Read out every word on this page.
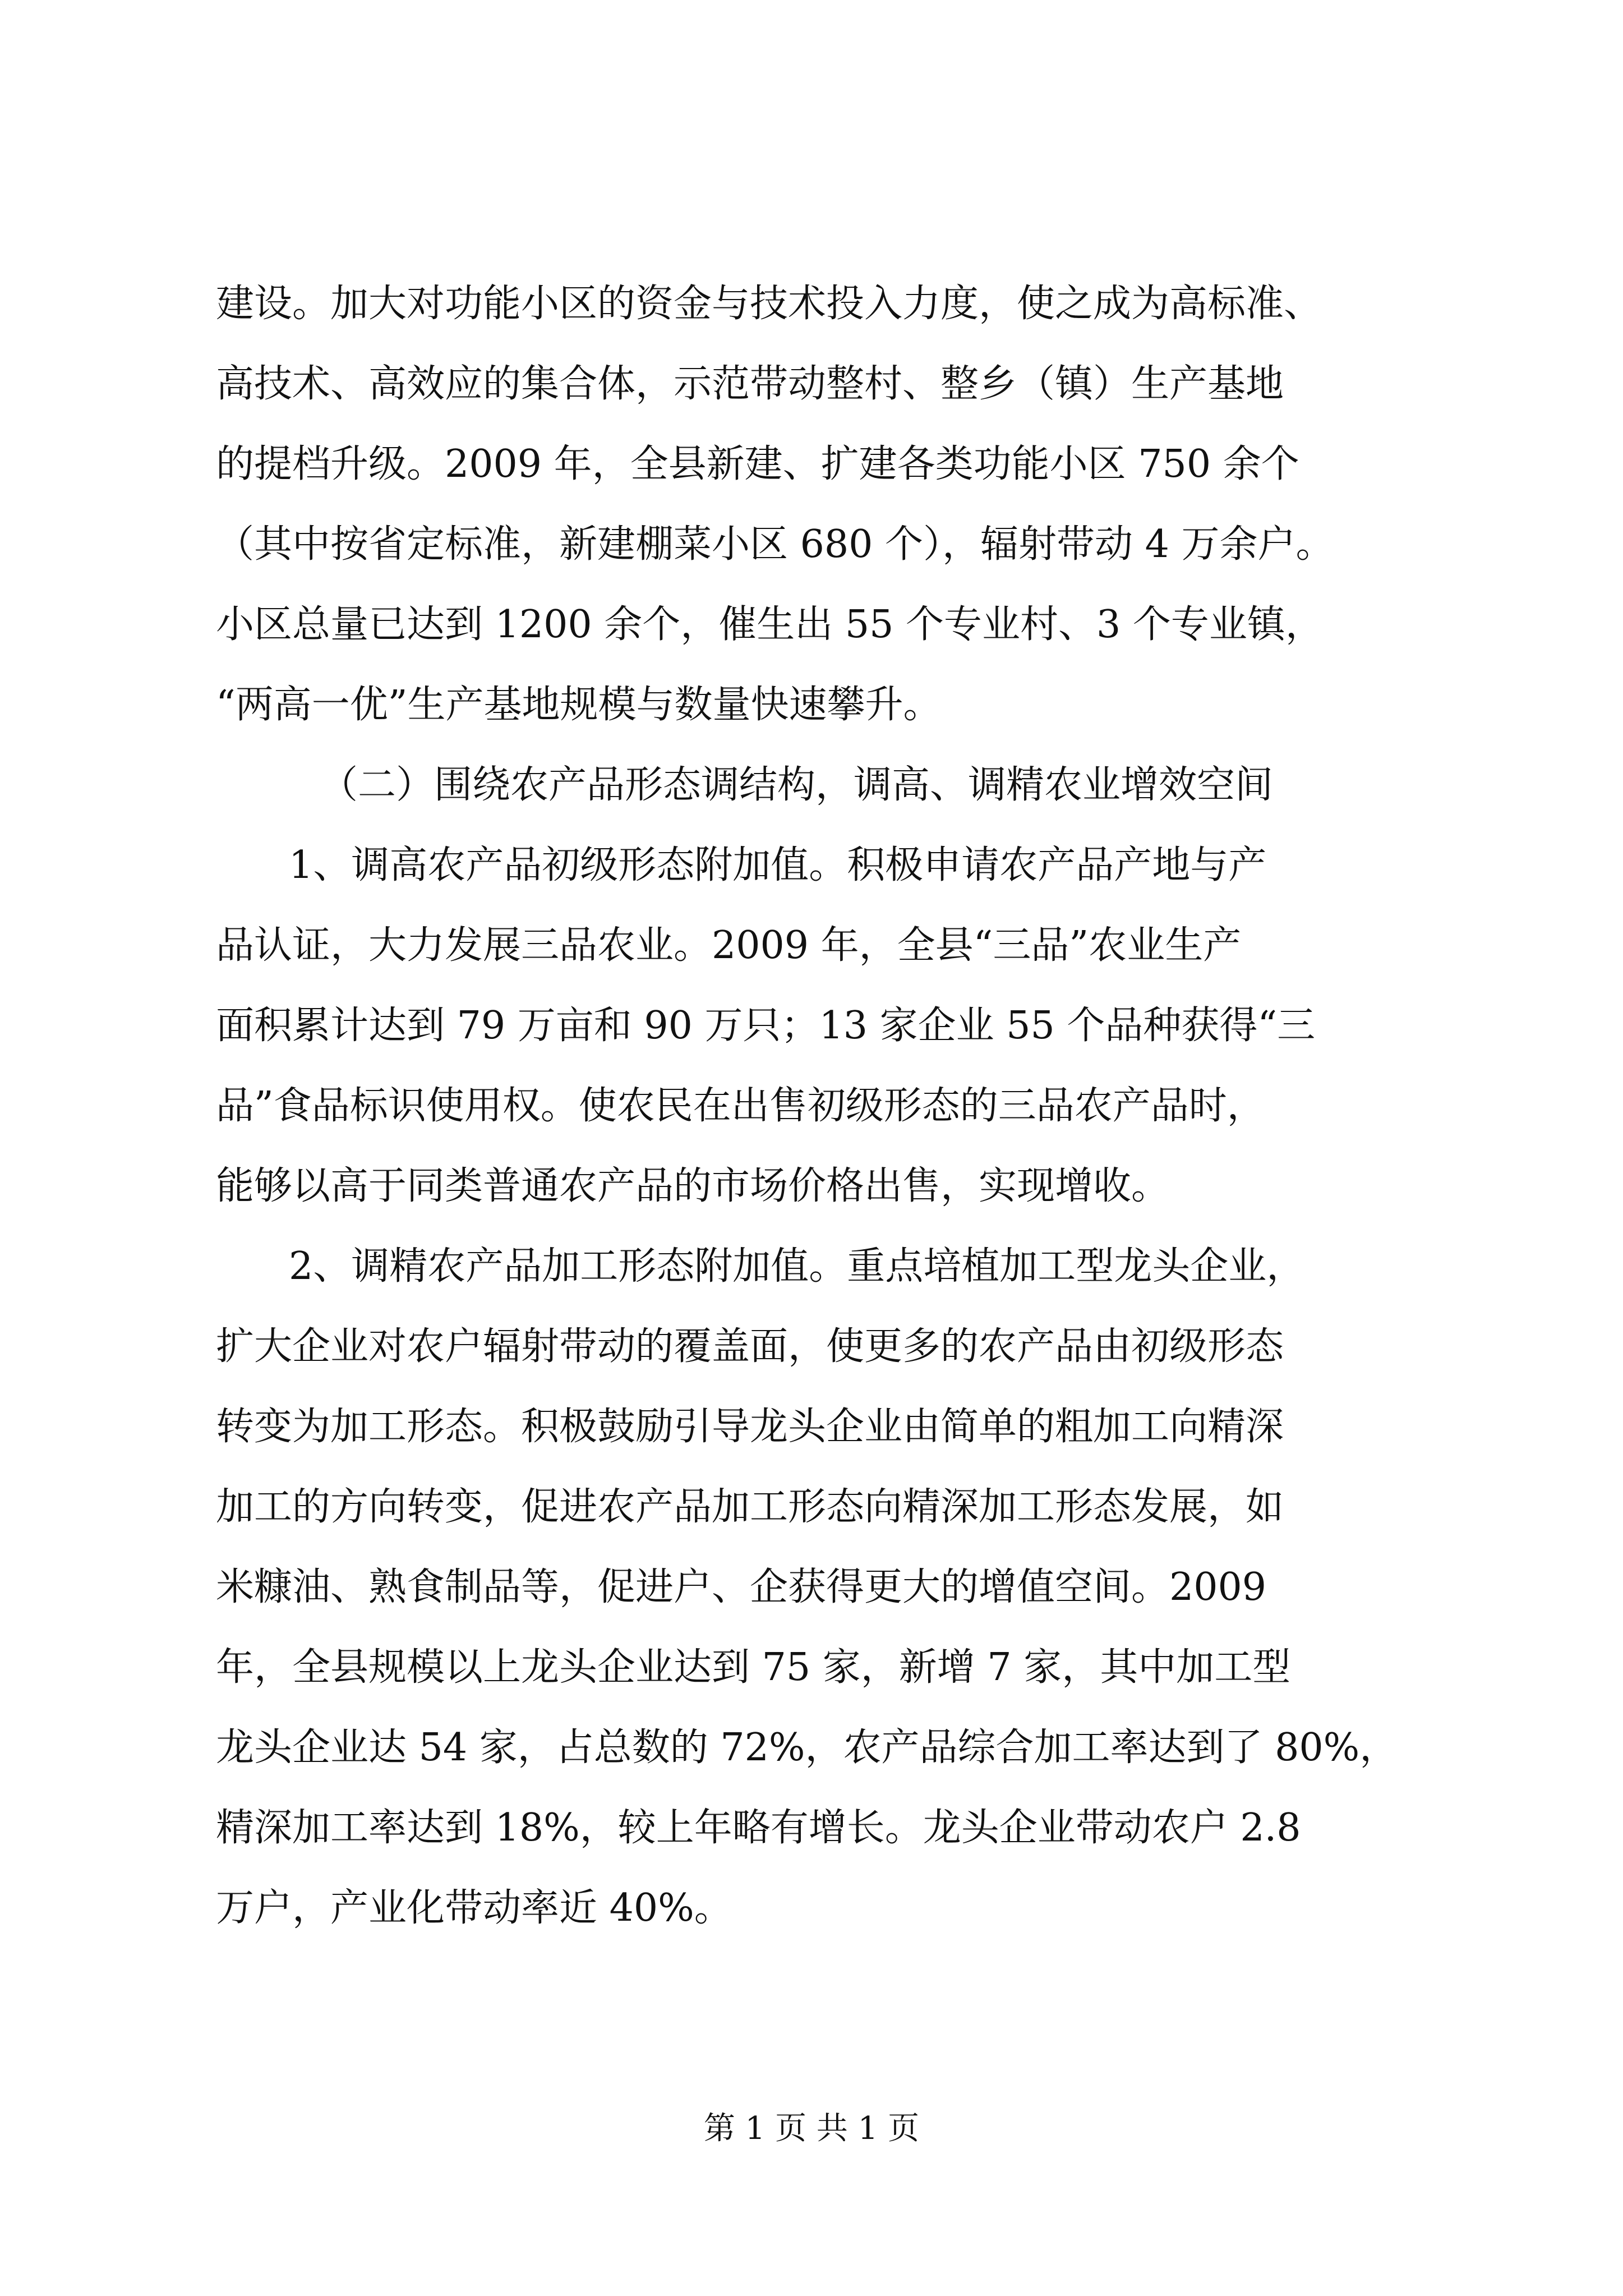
建设。加大对功能小区的资金与技术投入力度，使之成为高标准、
高技术、高效应的集合体，示范带动整村、整乡（镇）生产基地
的提档升级。2009 年，全县新建、扩建各类功能小区 750 余个
（其中按省定标准，新建棚菜小区 680 个），辐射带动 4 万余户。
小区总量已达到 1200 余个，催生出 55 个专业村、3 个专业镇，
“两高一优”生产基地规模与数量快速攀升。
（二）围绕农产品形态调结构，调高、调精农业增效空间
1、调高农产品初级形态附加值。积极申请农产品产地与产
品认证，大力发展三品农业。2009 年，全县“三品”农业生产
面积累计达到 79 万亩和 90 万只；13 家企业 55 个品种获得“三
品”食品标识使用权。使农民在出售初级形态的三品农产品时，
能够以高于同类普通农产品的市场价格出售，实现增收。
2、调精农产品加工形态附加值。重点培植加工型龙头企业，
扩大企业对农户辐射带动的覆盖面，使更多的农产品由初级形态
转变为加工形态。积极鼓励引导龙头企业由简单的粗加工向精深
加工的方向转变，促进农产品加工形态向精深加工形态发展，如
米糠油、熟食制品等，促进户、企获得更大的增值空间。2009
年，全县规模以上龙头企业达到 75 家，新增 7 家，其中加工型
龙头企业达 54 家，占总数的 72%，农产品综合加工率达到了 80%，
精深加工率达到 18%，较上年略有增长。龙头企业带动农户 2.8
万户，产业化带动率近 40%。
第 1 页 共 1 页
